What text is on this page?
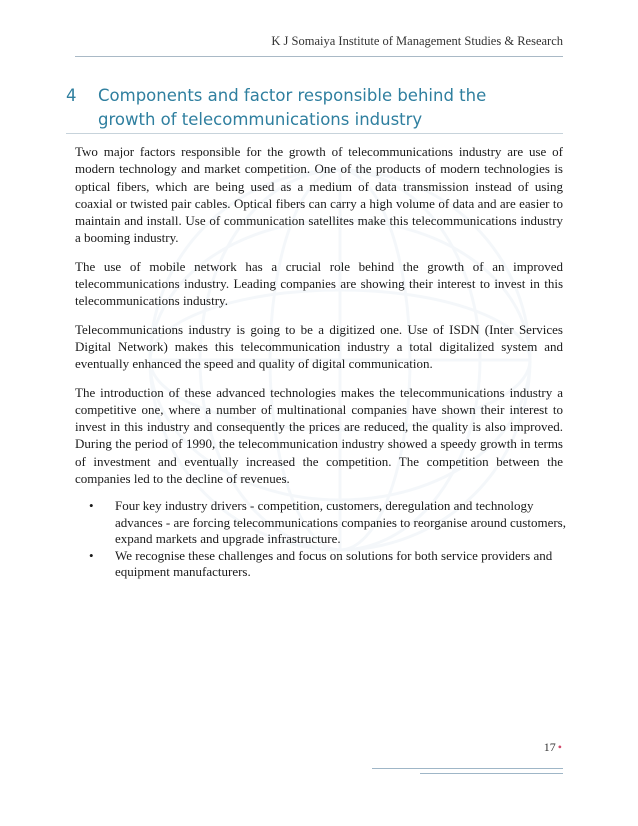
K J Somaiya Institute of Management Studies & Research
4	Components and factor responsible behind the growth of telecommunications industry

Two major factors responsible for the growth of telecommunications industry are use of modern technology and market competition. One of the products of modern technologies is optical fibers, which are being used as a medium of data transmission instead of using coaxial or twisted pair cables. Optical fibers can carry a high volume of data and are easier to maintain and install. Use of communication satellites make this telecommunications industry a booming industry.

The use of mobile network has a crucial role behind the growth of an improved telecommunications industry. Leading companies are showing their interest to invest in this telecommunications industry.

Telecommunications industry is going to be a digitized one. Use of ISDN (Inter Services Digital Network) makes this telecommunication industry a total digitalized system and eventually enhanced the speed and quality of digital communication.

The introduction of these advanced technologies makes the telecommunications industry a competitive one, where a number of multinational companies have shown their interest to invest in this industry and consequently the prices are reduced, the quality is also improved. During the period of 1990, the telecommunication industry showed a speedy growth in terms of investment and eventually increased the competition. The competition between the companies led to the decline of revenues.

• Four key industry drivers - competition, customers, deregulation and technology advances - are forcing telecommunications companies to reorganise around customers, expand markets and upgrade infrastructure.
• We recognise these challenges and focus on solutions for both service providers and equipment manufacturers.
17 •
